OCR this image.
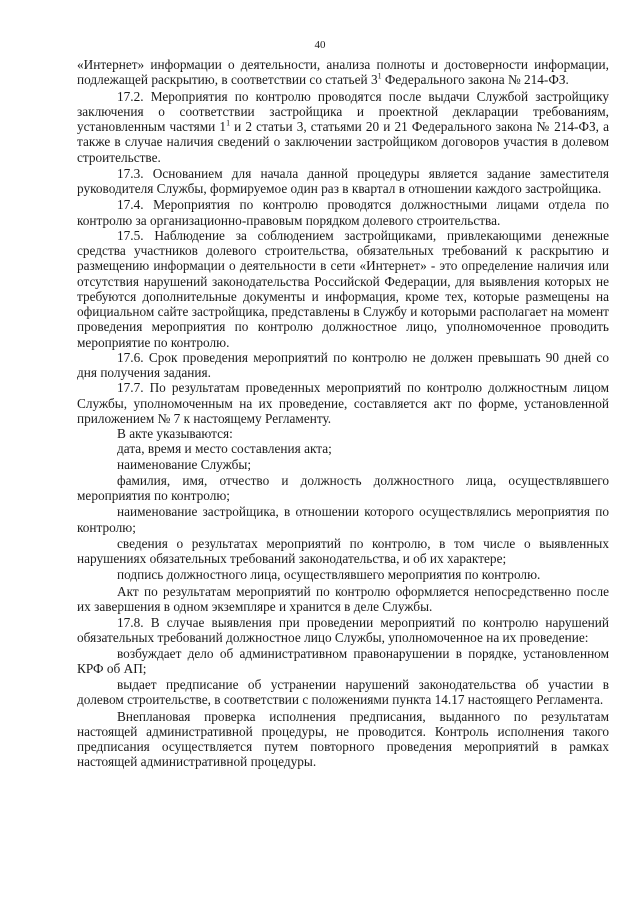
40

«Интернет» информации о деятельности, анализа полноты и достоверности информации, подлежащей раскрытию, в соответствии со статьей $3^1$ Федерального закона № 214-ФЗ.

17.2. Мероприятия по контролю проводятся после выдачи Службой застройщику заключения о соответствии застройщика и проектной декларации требованиям, установленным частями $1^1$ и 2 статьи 3, статьями 20 и 21 Федерального закона № 214-ФЗ, а также в случае наличия сведений о заключении застройщиком договоров участия в долевом строительстве.

17.3. Основанием для начала данной процедуры является задание заместителя руководителя Службы, формируемое один раз в квартал в отношении каждого застройщика.

17.4. Мероприятия по контролю проводятся должностными лицами отдела по контролю за организационно-правовым порядком долевого строительства.

17.5. Наблюдение за соблюдением застройщиками, привлекающими денежные средства участников долевого строительства, обязательных требований к раскрытию и размещению информации о деятельности в сети «Интернет» - это определение наличия или отсутствия нарушений законодательства Российской Федерации, для выявления которых не требуются дополнительные документы и информация, кроме тех, которые размещены на официальном сайте застройщика, представлены в Службу и которыми располагает на момент проведения мероприятия по контролю должностное лицо, уполномоченное проводить мероприятие по контролю.

17.6. Срок проведения мероприятий по контролю не должен превышать 90 дней со дня получения задания.

17.7. По результатам проведенных мероприятий по контролю должностным лицом Службы, уполномоченным на их проведение, составляется акт по форме, установленной приложением № 7 к настоящему Регламенту.

В акте указываются:

дата, время и место составления акта;

наименование Службы;

фамилия, имя, отчество и должность должностного лица, осуществлявшего мероприятия по контролю;

наименование застройщика, в отношении которого осуществлялись мероприятия по контролю;

сведения о результатах мероприятий по контролю, в том числе о выявленных нарушениях обязательных требований законодательства, и об их характере;

подпись должностного лица, осуществлявшего мероприятия по контролю.

Акт по результатам мероприятий по контролю оформляется непосредственно после их завершения в одном экземпляре и хранится в деле Службы.

17.8. В случае выявления при проведении мероприятий по контролю нарушений обязательных требований должностное лицо Службы, уполномоченное на их проведение:

возбуждает дело об административном правонарушении в порядке, установленном КРФ об АП;

выдает предписание об устранении нарушений законодательства об участии в долевом строительстве, в соответствии с положениями пункта 14.17 настоящего Регламента.

Внеплановая проверка исполнения предписания, выданного по результатам настоящей административной процедуры, не проводится. Контроль исполнения такого предписания осуществляется путем повторного проведения мероприятий в рамках настоящей административной процедуры.
